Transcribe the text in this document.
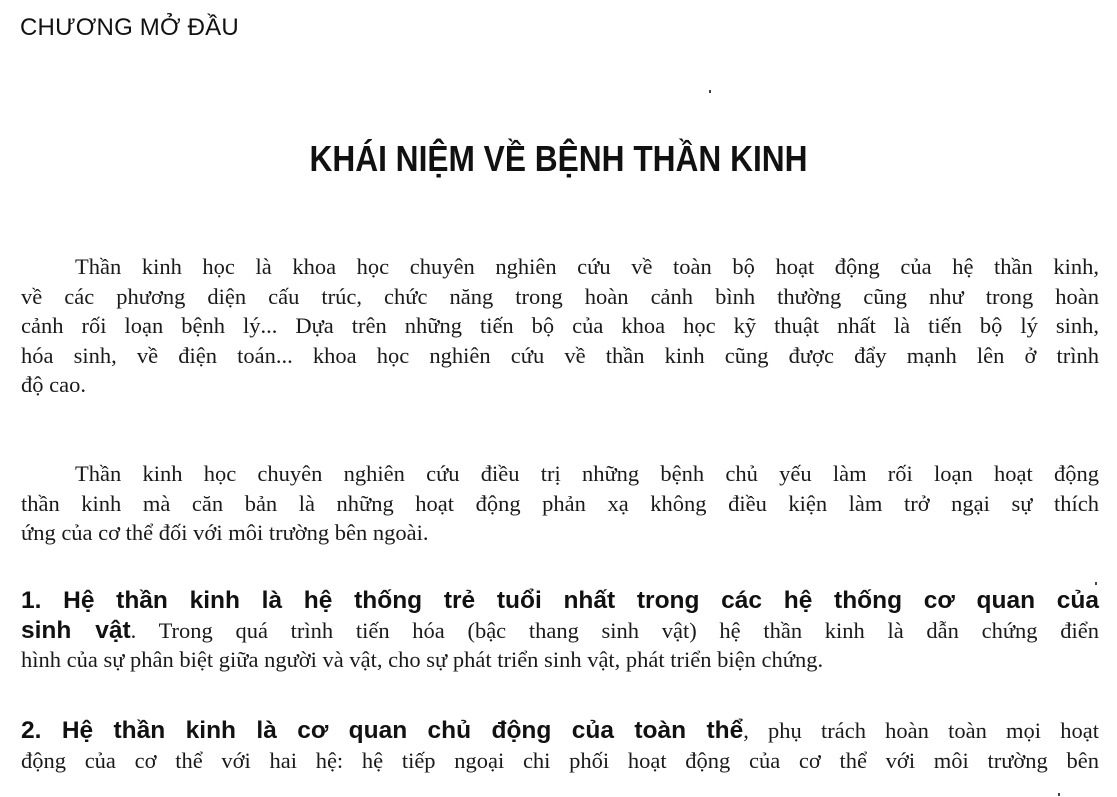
CHƯƠNG MỞ ĐẦU
KHÁI NIỆM VỀ BỆNH THẦN KINH
Thần kinh học là khoa học chuyên nghiên cứu về toàn bộ hoạt động của hệ thần kinh,
về các phương diện cấu trúc, chức năng trong hoàn cảnh bình thường cũng như trong hoàn
cảnh rối loạn bệnh lý... Dựa trên những tiến bộ của khoa học kỹ thuật nhất là tiến bộ lý sinh,
hóa sinh, về điện toán... khoa học nghiên cứu về thần kinh cũng được đẩy mạnh lên ở trình
độ cao.
Thần kinh học chuyên nghiên cứu điều trị những bệnh chủ yếu làm rối loạn hoạt động
thần kinh mà căn bản là những hoạt động phản xạ không điều kiện làm trở ngại sự thích
ứng của cơ thể đối với môi trường bên ngoài.
1. Hệ thần kinh là hệ thống trẻ tuổi nhất trong các hệ thống cơ quan của
sinh vật. Trong quá trình tiến hóa (bậc thang sinh vật) hệ thần kinh là dẫn chứng điển
hình của sự phân biệt giữa người và vật, cho sự phát triển sinh vật, phát triển biện chứng.
2. Hệ thần kinh là cơ quan chủ động của toàn thể, phụ trách hoàn toàn mọi hoạt
động của cơ thể với hai hệ: hệ tiếp ngoại chi phối hoạt động của cơ thể với môi trường bên
